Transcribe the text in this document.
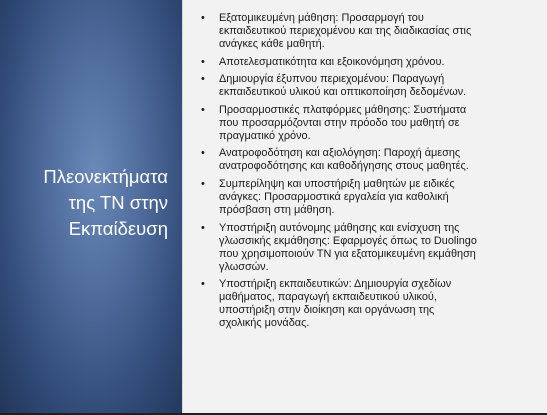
Πλεονεκτήματα
της ΤΝ στην
Εκπαίδευση
• Εξατομικευμένη μάθηση: Προσαρμογή του
εκπαιδευτικού περιεχομένου και της διαδικασίας στις
ανάγκες κάθε μαθητή.
• Αποτελεσματικότητα και εξοικονόμηση χρόνου.
• Δημιουργία έξυπνου περιεχομένου: Παραγωγή
εκπαιδευτικού υλικού και οπτικοποίηση δεδομένων.
• Προσαρμοστικές πλατφόρμες μάθησης: Συστήματα
που προσαρμόζονται στην πρόοδο του μαθητή σε
πραγματικό χρόνο.
• Ανατροφοδότηση και αξιολόγηση: Παροχή άμεσης
ανατροφοδότησης και καθοδήγησης στους μαθητές.
• Συμπερίληψη και υποστήριξη μαθητών με ειδικές
ανάγκες: Προσαρμοστικά εργαλεία για καθολική
πρόσβαση στη μάθηση.
• Υποστήριξη αυτόνομης μάθησης και ενίσχυση της
γλωσσικής εκμάθησης: Εφαρμογές όπως το Duolingo
που χρησιμοποιούν ΤΝ για εξατομικευμένη εκμάθηση
γλωσσών.
• Υποστήριξη εκπαιδευτικών: Δημιουργία σχεδίων
μαθήματος, παραγωγή εκπαιδευτικού υλικού,
υποστήριξη στην διοίκηση και οργάνωση της
σχολικής μονάδας.
